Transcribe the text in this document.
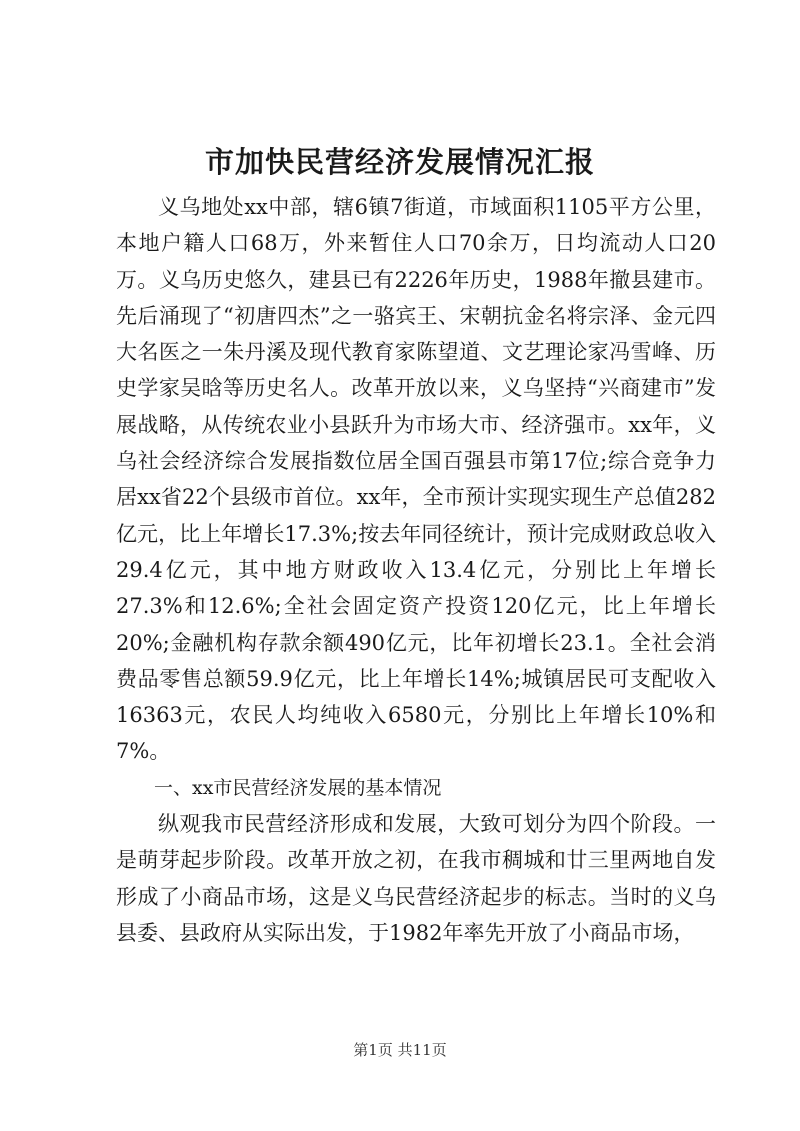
市加快民营经济发展情况汇报

义乌地处xx中部，辖6镇7街道，市域面积1105平方公里，本地户籍人口68万，外来暂住人口70余万，日均流动人口20万。义乌历史悠久，建县已有2226年历史，1988年撤县建市。先后涌现了“初唐四杰”之一骆宾王、宋朝抗金名将宗泽、金元四大名医之一朱丹溪及现代教育家陈望道、文艺理论家冯雪峰、历史学家吴晗等历史名人。改革开放以来，义乌坚持“兴商建市”发展战略，从传统农业小县跃升为市场大市、经济强市。xx年，义乌社会经济综合发展指数位居全国百强县市第17位;综合竞争力居xx省22个县级市首位。xx年，全市预计实现实现生产总值282亿元，比上年增长17.3%;按去年同径统计，预计完成财政总收入29.4亿元，其中地方财政收入13.4亿元，分别比上年增长27.3%和12.6%;全社会固定资产投资120亿元，比上年增长20%;金融机构存款余额490亿元，比年初增长23.1。全社会消费品零售总额59.9亿元，比上年增长14%;城镇居民可支配收入16363元，农民人均纯收入6580元，分别比上年增长10%和7%。

一、xx市民营经济发展的基本情况

纵观我市民营经济形成和发展，大致可划分为四个阶段。一是萌芽起步阶段。改革开放之初，在我市稠城和廿三里两地自发形成了小商品市场，这是义乌民营经济起步的标志。当时的义乌县委、县政府从实际出发，于1982年率先开放了小商品市场，

第1页 共11页
